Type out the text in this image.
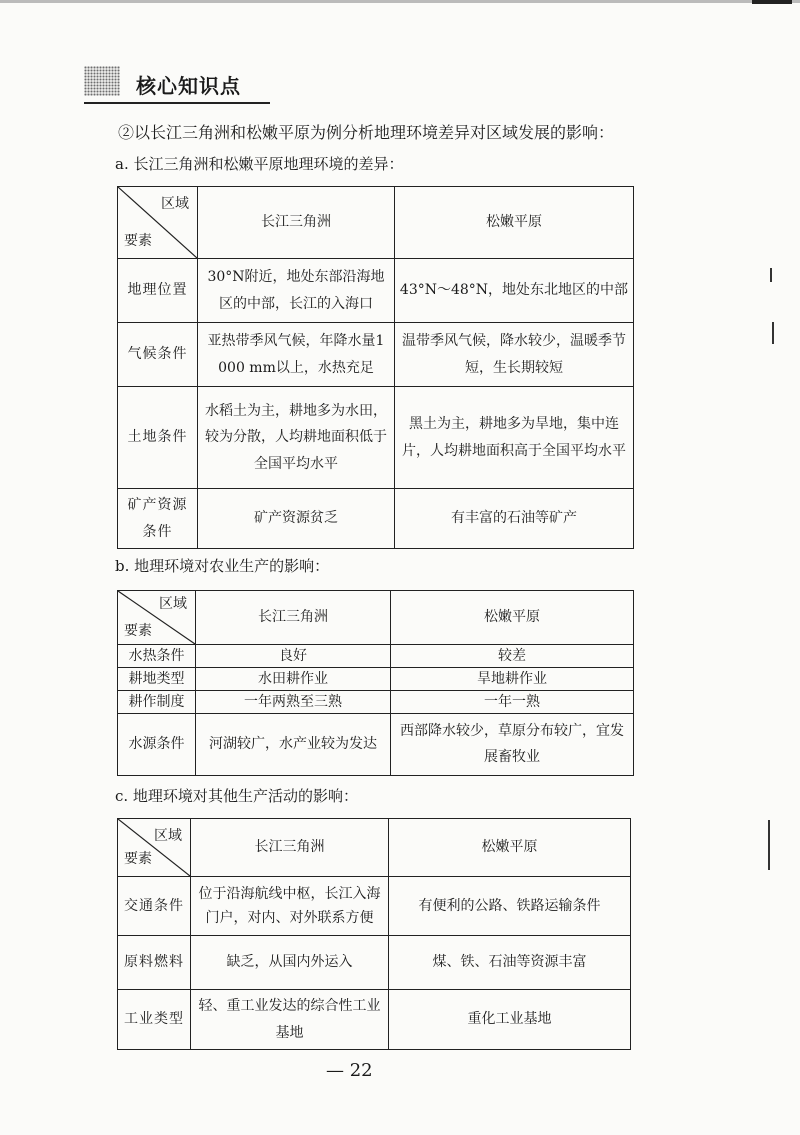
核心知识点
②以长江三角洲和松嫩平原为例分析地理环境差异对区域发展的影响：
a. 长江三角洲和松嫩平原地理环境的差异：
区域
要素	长江三角洲	松嫩平原
地理位置	30°N附近，地处东部沿海地区的中部，长江的入海口	43°N～48°N，地处东北地区的中部
气候条件	亚热带季风气候，年降水量1 000 mm以上，水热充足	温带季风气候，降水较少，温暖季节短，生长期较短
土地条件	水稻土为主，耕地多为水田，较为分散，人均耕地面积低于全国平均水平	黑土为主，耕地多为旱地，集中连片，人均耕地面积高于全国平均水平
矿产资源条件	矿产资源贫乏	有丰富的石油等矿产
b. 地理环境对农业生产的影响：
区域
要素	长江三角洲	松嫩平原
水热条件	良好	较差
耕地类型	水田耕作业	旱地耕作业
耕作制度	一年两熟至三熟	一年一熟
水源条件	河湖较广，水产业较为发达	西部降水较少，草原分布较广，宜发展畜牧业
c. 地理环境对其他生产活动的影响：
区域
要素	长江三角洲	松嫩平原
交通条件	位于沿海航线中枢，长江入海门户，对内、对外联系方便	有便利的公路、铁路运输条件
原料燃料	缺乏，从国内外运入	煤、铁、石油等资源丰富
工业类型	轻、重工业发达的综合性工业基地	重化工业基地
— 22
